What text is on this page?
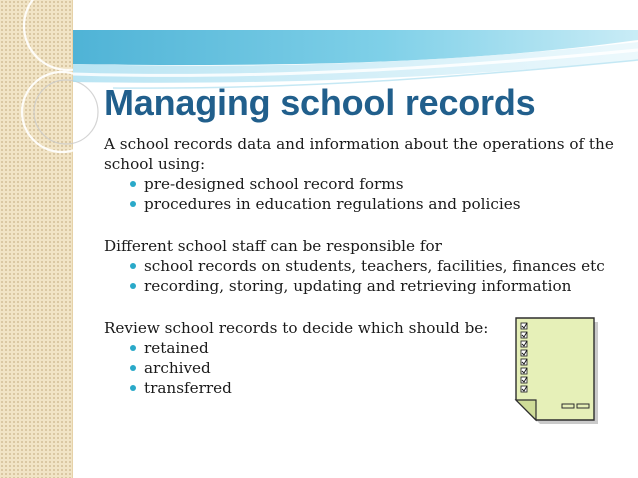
Managing school records

A school records data and information about the operations of the school using:

pre-designed school record forms
procedures in education regulations and policies

Different school staff can be responsible for

school records on students, teachers, facilities, finances etc
recording, storing, updating and retrieving information

Review school records to decide which should be:

retained
archived
transferred
